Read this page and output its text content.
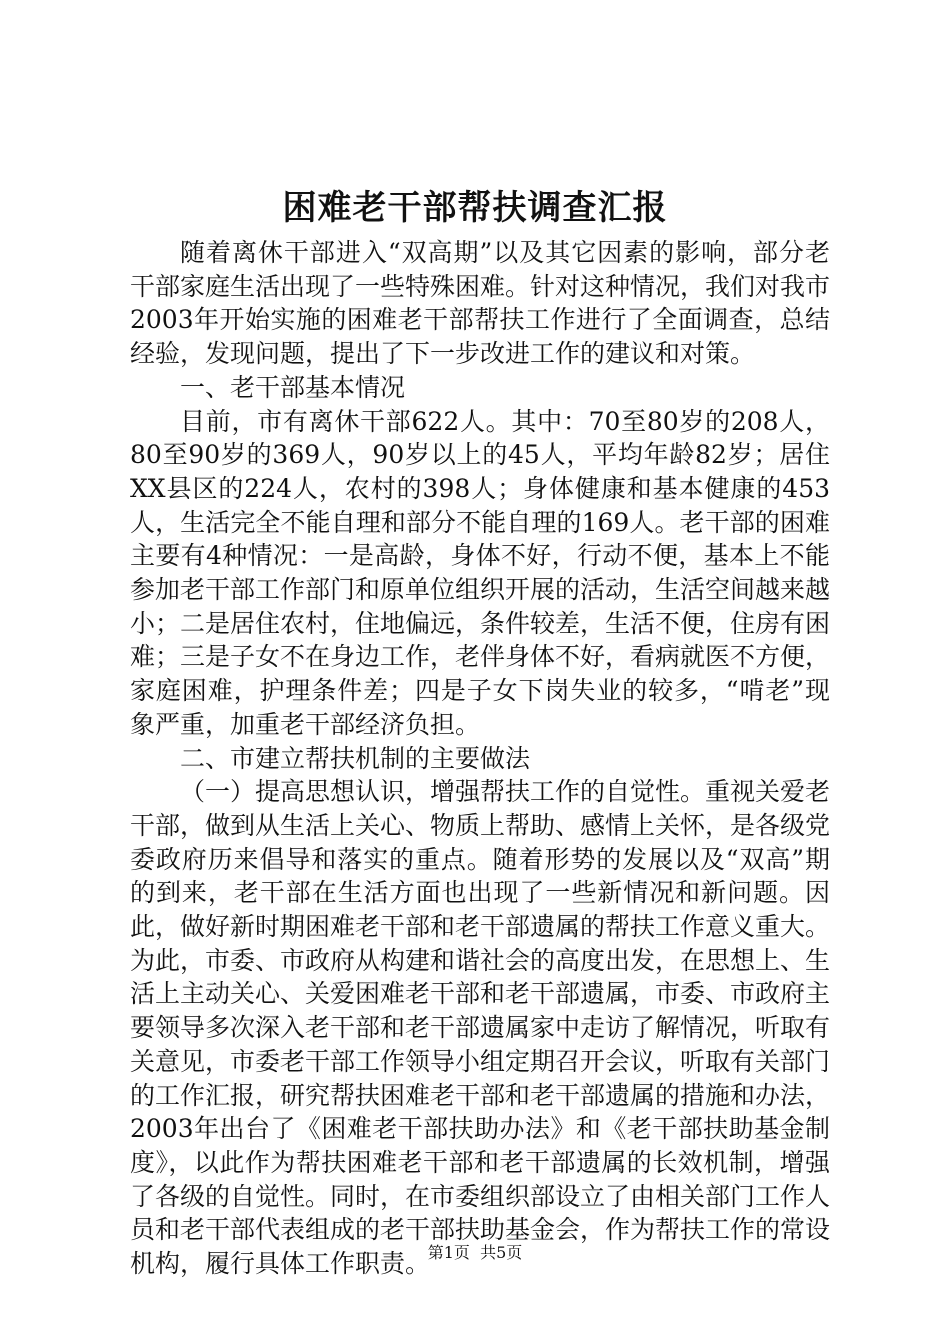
困难老干部帮扶调查汇报

随着离休干部进入“双高期”以及其它因素的影响，部分老干部家庭生活出现了一些特殊困难。针对这种情况，我们对我市2003年开始实施的困难老干部帮扶工作进行了全面调查，总结经验，发现问题，提出了下一步改进工作的建议和对策。

一、老干部基本情况

目前，市有离休干部622人。其中：70至80岁的208人，80至90岁的369人，90岁以上的45人，平均年龄82岁；居住XX县区的224人，农村的398人；身体健康和基本健康的453人，生活完全不能自理和部分不能自理的169人。老干部的困难主要有4种情况：一是高龄，身体不好，行动不便，基本上不能参加老干部工作部门和原单位组织开展的活动，生活空间越来越小；二是居住农村，住地偏远，条件较差，生活不便，住房有困难；三是子女不在身边工作，老伴身体不好，看病就医不方便，家庭困难，护理条件差；四是子女下岗失业的较多，“啃老”现象严重，加重老干部经济负担。

二、市建立帮扶机制的主要做法

（一）提高思想认识，增强帮扶工作的自觉性。重视关爱老干部，做到从生活上关心、物质上帮助、感情上关怀，是各级党委政府历来倡导和落实的重点。随着形势的发展以及“双高”期的到来，老干部在生活方面也出现了一些新情况和新问题。因此，做好新时期困难老干部和老干部遗属的帮扶工作意义重大。为此，市委、市政府从构建和谐社会的高度出发，在思想上、生活上主动关心、关爱困难老干部和老干部遗属，市委、市政府主要领导多次深入老干部和老干部遗属家中走访了解情况，听取有关意见，市委老干部工作领导小组定期召开会议，听取有关部门的工作汇报，研究帮扶困难老干部和老干部遗属的措施和办法，2003年出台了《困难老干部扶助办法》和《老干部扶助基金制度》，以此作为帮扶困难老干部和老干部遗属的长效机制，增强了各级的自觉性。同时，在市委组织部设立了由相关部门工作人员和老干部代表组成的老干部扶助基金会，作为帮扶工作的常设机构，履行具体工作职责。

第1页 共5页
